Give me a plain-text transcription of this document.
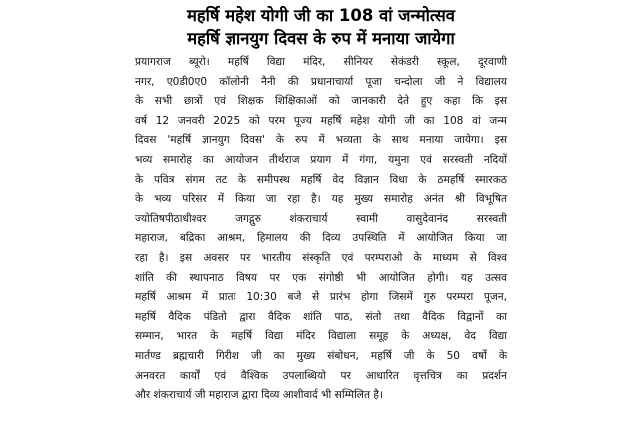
महर्षि महेश योगी जी का 108 वां जन्मोत्सव
महर्षि ज्ञानयुग दिवस के रुप में मनाया जायेगा
प्रयागराज ब्यूरो। महर्षि विद्या मंदिर, सीनियर सेकंडरी स्कूल, दूरवाणी
नगर, ए0डी0ए0 कॉलोनी नैनी की प्रधानाचार्या पूजा चन्दोला जी ने विद्यालय
के सभी छात्रों एवं शिक्षक शिक्षिकाओं को जानकारी देते हुए कहा कि इस
वर्ष 12 जनवरी 2025 को परम पूज्य महर्षि महेश योगी जी का 108 वां जन्म
दिवस 'महर्षि ज्ञानयुग दिवस' के रुप में भव्यता के साथ मनाया जायेगा। इस
भव्य समारोह का आयोजन तीर्थराज प्रयाग में गंगा, यमुना एवं सरस्वती नदियों
के पवित्र संगम तट के समीपस्थ महर्षि वेद विज्ञान विधा के ठमहर्षि स्मारकठ
के भव्य परिसर में किया जा रहा है। यह मुख्य समारोह अनंत श्री विभूषित
ज्योतिषपीठाधीश्वर जगद्गुरु शंकराचार्य स्वामी वासुदेवानंद सरस्वती
महाराज, बद्रिका आश्रम, हिमालय की दिव्य उपस्थिति में आयोजित किया जा
रहा है। इस अवसर पर भारतीय संस्कृति एवं परम्पराओ के माध्यम से विश्व
शांति की स्थापनाठ विषय पर एक संगोष्ठी भी आयोजित होगी। यह उत्सव
महर्षि आश्रम में प्रातः 10:30 बजे से प्रारंभ होगा जिसमें गुरु परम्परा पूजन,
महर्षि वैदिक पंडितो द्वारा वैदिक शांति पाठ, संतो तथा वैदिक विद्वानों का
सम्मान, भारत के महर्षि विद्या मंदिर विद्याला समूह के अध्यक्ष, वेद विद्या
मार्तण्ड ब्रह्मचारी गिरीश जी का मुख्य संबोधन, महर्षि जी के 50 वर्षो के
अनवरत कार्यों एवं वैश्विक उपलाब्धियो पर आधारित वृत्तचित्र का प्रदर्शन
और शंकराचार्य जी महाराज द्वारा दिव्य आशीवार्द भी सम्मिलित है।
